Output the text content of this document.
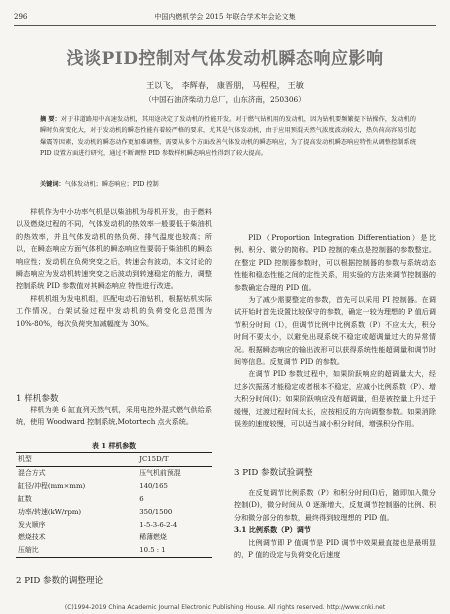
296	中国内燃机学会 2015 年联合学术年会论文集
浅谈PID控制对气体发动机瞬态响应影响
王以飞， 李辉春， 康晋朋， 马程程， 王敏
（中国石油济柴动力总厂，山东济南，250306）
摘 要：对于非道路用中高速发动机，其用途决定了发动机的性能开发。对于燃气钻机用的发动机，因为钻机要频繁提下钻操作，发动机的瞬时负荷变化大，对于发动机的瞬态性能有着较严格的要求，尤其是气体发动机，由于应用预混天然气浓度波动较大，热负荷高容易引起爆震等因素，发动机的瞬态动作更加难调整，需要从多个方面改善气体发动机的瞬态响应，为了提高发动机瞬态响应特性从调整控制系统 PID 设置方面进行研究，通过不断调整 PID 参数样机瞬态响应性得到了较大提高。
关键词：气体发动机；瞬态响应；PID 控制

样机作为中小功率气机是以柴油机为母机开发，由于燃料以及燃烧过程的不同，气体发动机的热效率一般要低于柴油机的热效率，并且气体发动机的热负荷、排气温度也较高；所以，在瞬态响应方面气体机的瞬态响应性要弱于柴油机的瞬态响应性；发动机在负荷突变之后，转速会有波动，本文讨论的瞬态响应为发动机转速突变之后波动到转速稳定的能力，调整控制系统 PID 参数值对其瞬态响应 特性进行改进。

样机机组为发电机组，匹配电动石油钻机，根据钻机实际工作情况，台架试验过程中发动机的负荷变化总范围为 10%-80%，每次负荷突加减幅度为 30%。

1 样机参数

样机为美 6 缸直列天然气机，采用电控外混式燃气供给系统，使用 Woodward 控制系统,Motortech 点火系统。

表 1 样机参数
机型	JC15D/T
混合方式	压气机前预混
缸径/冲程(mm×mm)	140/165
缸数	6
功率/转速(kW/rpm)	350/1500
发火顺序	1-5-3-6-2-4
燃烧技术	稀薄燃烧
压缩比	10.5 : 1
2 PID 参数的调整理论

PID（Proportion Integration Differentiation）是比例、积分、微分的简称。PID 控制的难点是控制器的参数整定。在整定 PID 控制器参数时，可以根据控制器的参数与系统动态性能和稳态性能之间的定性关系，用实验的方法来调节控制器的参数确定合理的 PID 值。

为了减少需要整定的参数，首先可以采用 PI 控制器。在调试开始时首先设置比较保守的参数，确定一较为理想的 P 值后调节积分时间（I），但调节比例中比例系数（P）不应太大，积分时间不要太小，以避免出现系统不稳定或超调量过大的异常情况。根据瞬态响应的输出波形可以获得系统性能超调量和调节时间等信息。反复调节 PID 的参数。

在调节 PID 参数过程中，如果阶跃响应的超调量太大，经过多次振荡才能稳定或者根本不稳定，应减小比例系数（P）、增大积分时间(I)；如果阶跃响应没有超调量，但是被控量上升过于缓慢，过渡过程时间太长，应按相反的方向调整参数。如果消除误差的速度较慢，可以适当减小积分时间，增强积分作用。

3 PID 参数试验调整

在反复调节比例系数（P）和积分时间(I)后，随即加入微分控制(D)，微分时间从 0 逐渐增大，反复调节控制器的比例、积分和微分部分的参数，最终得到较理想的 PID 值。

3.1 比例系数（P）调节

比例调节即 P 值调节是 PID 调节中效果最直接也是最明显的，P 值的设定与负荷变化后速度

(C)1994-2019 China Academic Journal Electronic Publishing House. All rights reserved. http://www.cnki.net
